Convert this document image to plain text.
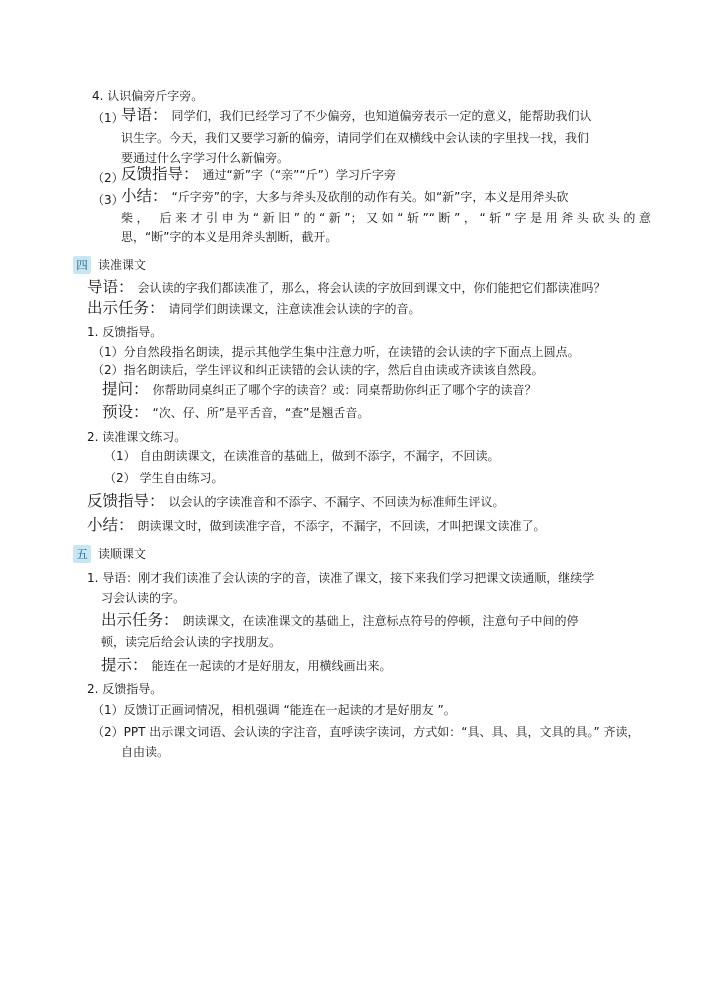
4. 认识偏旁斤字旁。
（1）
导语： 同学们，我们已经学习了不少偏旁，也知道偏旁表示一定的意义，能帮助我们认
识生字。今天，我们又要学习新的偏旁，请同学们在双横线中会认读的字里找一找，我们
要通过什么字学习什么新偏旁。
（2）
反馈指导： 通过“新”字（“亲”“斤”）学习斤字旁
（3）
小结： “斤字旁”的字，大多与斧头及砍削的动作有关。如“新”字，本义是用斧头砍
柴， 后来才引申为“新旧”的“新”；又如“斩”“断”，“斩”字是用斧头砍头的意
思，“断”字的本义是用斧头割断，截开。
四 读准课文
导语： 会认读的字我们都读准了，那么，将会认读的字放回到课文中，你们能把它们都读准吗？
出示任务： 请同学们朗读课文，注意读准会认读的字的音。
1. 反馈指导。
（1）分自然段指名朗读，提示其他学生集中注意力听，在读错的会认读的字下面点上圆点。
（2）指名朗读后，学生评议和纠正读错的会认读的字，然后自由读或齐读该自然段。
提问： 你帮助同桌纠正了哪个字的读音？或：同桌帮助你纠正了哪个字的读音？
预设： “次、仔、所”是平舌音，“查”是翘舌音。
2. 读准课文练习。
（1） 自由朗读课文，在读准音的基础上，做到不添字，不漏字，不回读。
（2） 学生自由练习。
反馈指导： 以会认的字读准音和不添字、不漏字、不回读为标准师生评议。
小结： 朗读课文时，做到读准字音，不添字，不漏字，不回读，才叫把课文读准了。
五 读顺课文
1. 导语：刚才我们读准了会认读的字的音，读准了课文，接下来我们学习把课文读通顺，继续学
习会认读的字。
出示任务： 朗读课文，在读准课文的基础上，注意标点符号的停顿，注意句子中间的停
顿，读完后给会认读的字找朋友。
提示： 能连在一起读的才是好朋友，用横线画出来。
2. 反馈指导。
（1）反馈订正画词情况，相机强调 “能连在一起读的才是好朋友 ”。
（2）PPT 出示课文词语、会认读的字注音，直呼读字读词，方式如：“具、具、具，文具的具。” 齐读，
自由读。
